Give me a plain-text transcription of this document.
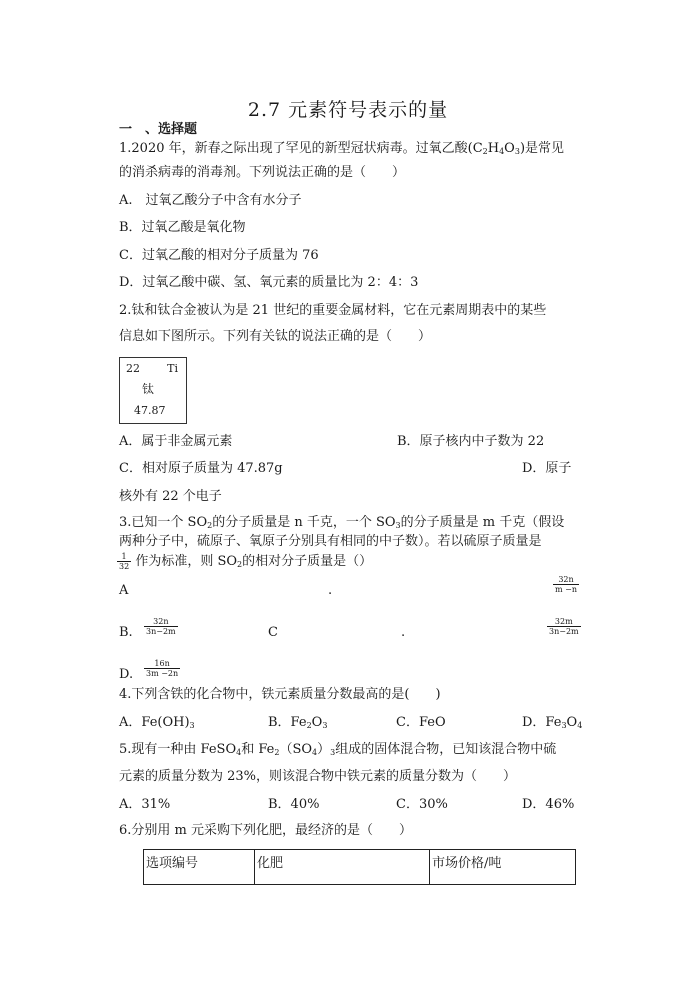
2.7 元素符号表示的量
一　、选择题
1.2020 年，新春之际出现了罕见的新型冠状病毒。过氧乙酸$(C_2H_4O_3)$是常见
的消杀病毒的消毒剂。下列说法正确的是（　　）
A.　过氧乙酸分子中含有水分子
B．过氧乙酸是氧化物
C．过氧乙酸的相对分子质量为 76
D．过氧乙酸中碳、氢、氧元素的质量比为 2：4：3
2.钛和钛合金被认为是 21 世纪的重要金属材料，它在元素周期表中的某些
信息如下图所示。下列有关钛的说法正确的是（　　）
22 Ti
钛
47.87
A．属于非金属元素	B．原子核内中子数为 22
C．相对原子质量为 47.87g	D．原子
核外有 22 个电子
3.已知一个 $SO_2$的分子质量是 n 千克，一个 $SO_3$的分子质量是 m 千克（假设
两种分子中，硫原子、氧原子分别具有相同的中子数）。若以硫原子质量是
$\frac{1}{32}$ 作为标准，则 $SO_2$的相对分子质量是（）
A	.	$\frac{32n}{m -n}$
B. $\frac{32n}{3n-2m}$	C	.	$\frac{32m}{3n-2m}$
D. $\frac{16n}{3m -2n}$
4.下列含铁的化合物中，铁元素质量分数最高的是(　　)
A．$Fe(OH)_3$	B．$Fe_2O_3$	C．FeO	D．$Fe_3O_4$
5.现有一种由 FeSO$_4$和 $Fe_2(SO_4)_3$组成的固体混合物，已知该混合物中硫
元素的质量分数为 23%，则该混合物中铁元素的质量分数为（　　）
A．31%	B．40%	C．30%	D．46%
6.分别用 m 元采购下列化肥，最经济的是（　　）
选项编号	化肥	市场价格/吨
